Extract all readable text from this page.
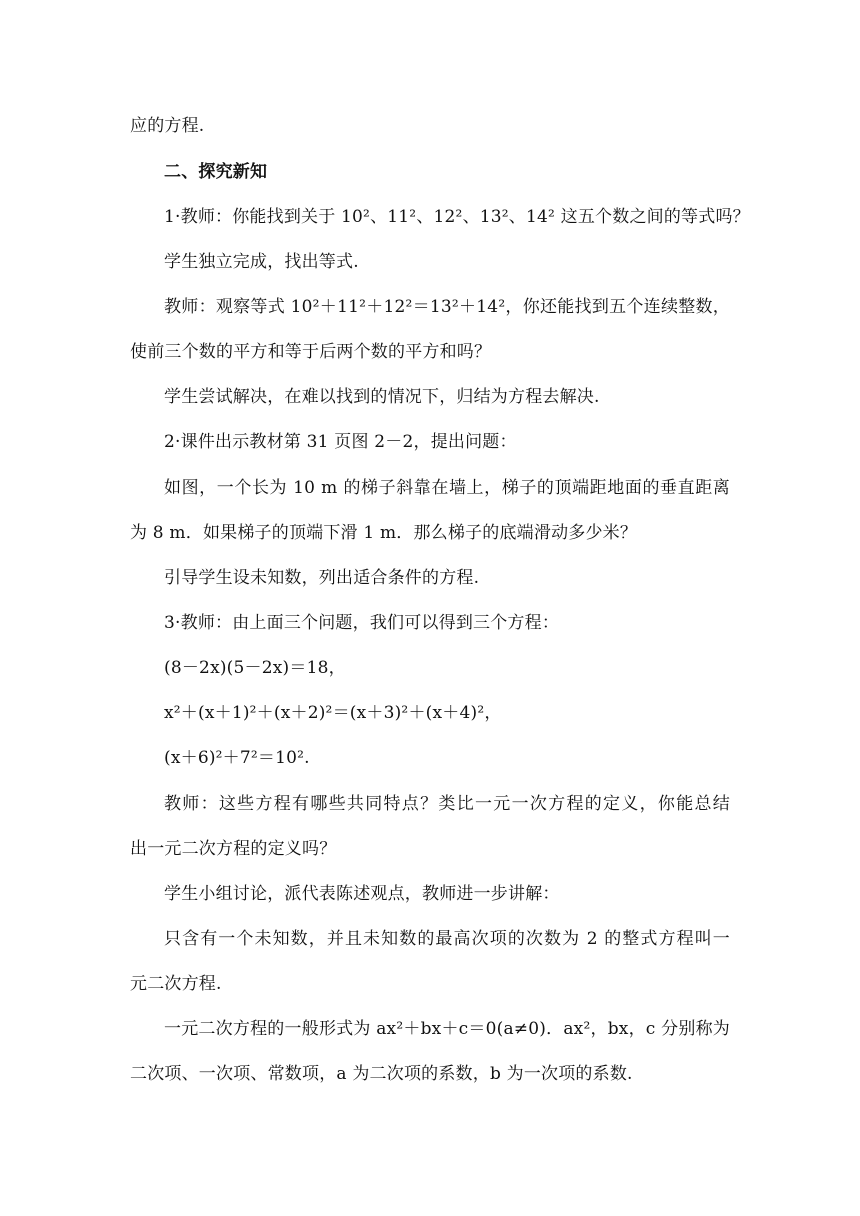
应的方程.
二、探究新知
1·教师：你能找到关于 10²、11²、12²、13²、14² 这五个数之间的等式吗？
学生独立完成，找出等式.
教师：观察等式 10²＋11²＋12²＝13²＋14²，你还能找到五个连续整数，
使前三个数的平方和等于后两个数的平方和吗？
学生尝试解决，在难以找到的情况下，归结为方程去解决.
2·课件出示教材第 31 页图 2－2，提出问题：
如图，一个长为 10 m 的梯子斜靠在墙上，梯子的顶端距地面的垂直距离
为 8 m．如果梯子的顶端下滑 1 m．那么梯子的底端滑动多少米？
引导学生设未知数，列出适合条件的方程.
3·教师：由上面三个问题，我们可以得到三个方程：
(8－2x)(5－2x)＝18，
x²＋(x＋1)²＋(x＋2)²＝(x＋3)²＋(x＋4)²，
(x＋6)²＋7²＝10².
教师：这些方程有哪些共同特点？类比一元一次方程的定义，你能总结
出一元二次方程的定义吗？
学生小组讨论，派代表陈述观点，教师进一步讲解：
只含有一个未知数，并且未知数的最高次项的次数为 2 的整式方程叫一
元二次方程.
一元二次方程的一般形式为 ax²＋bx＋c＝0(a≠0)．ax²，bx，c 分别称为
二次项、一次项、常数项，a 为二次项的系数，b 为一次项的系数.
